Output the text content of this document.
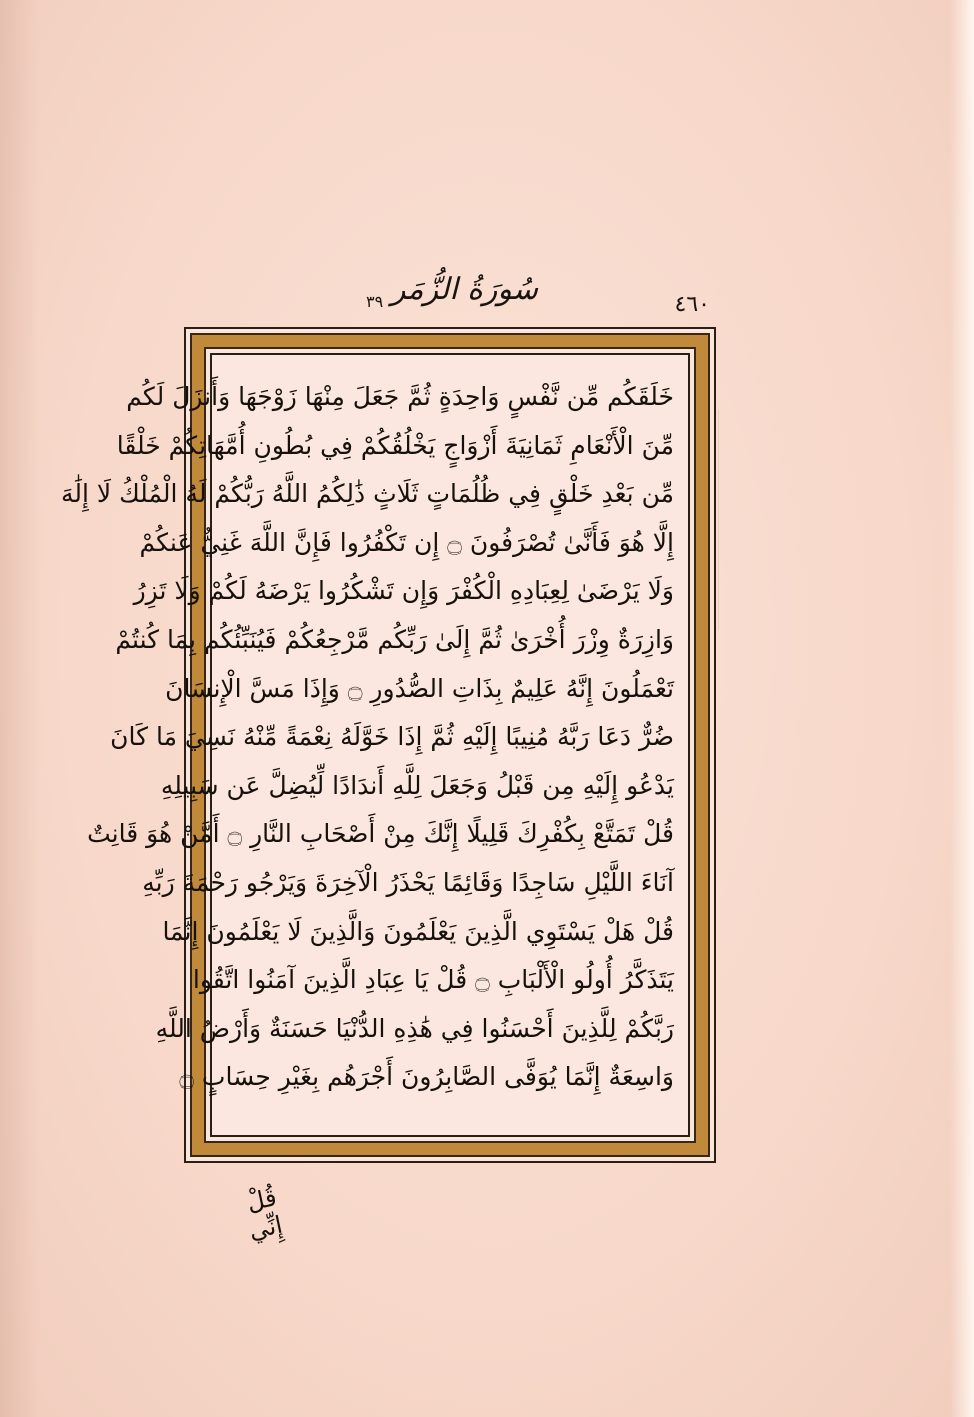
٣٩ سُورَةُ الزُّمَر	٤٦٠
خَلَقَكُم مِّن نَّفْسٍ وَاحِدَةٍ ثُمَّ جَعَلَ مِنْهَا زَوْجَهَا وَأَنزَلَ لَكُم
مِّنَ الْأَنْعَامِ ثَمَانِيَةَ أَزْوَاجٍ يَخْلُقُكُمْ فِي بُطُونِ أُمَّهَاتِكُمْ خَلْقًا
مِّن بَعْدِ خَلْقٍ فِي ظُلُمَاتٍ ثَلَاثٍ ذَٰلِكُمُ اللَّهُ رَبُّكُمْ لَهُ الْمُلْكُ لَا إِلَٰهَ
إِلَّا هُوَ فَأَنَّىٰ تُصْرَفُونَ ۝ إِن تَكْفُرُوا فَإِنَّ اللَّهَ غَنِيٌّ عَنكُمْ
وَلَا يَرْضَىٰ لِعِبَادِهِ الْكُفْرَ وَإِن تَشْكُرُوا يَرْضَهُ لَكُمْ وَلَا تَزِرُ
وَازِرَةٌ وِزْرَ أُخْرَىٰ ثُمَّ إِلَىٰ رَبِّكُم مَّرْجِعُكُمْ فَيُنَبِّئُكُم بِمَا كُنتُمْ
تَعْمَلُونَ إِنَّهُ عَلِيمٌ بِذَاتِ الصُّدُورِ ۝ وَإِذَا مَسَّ الْإِنسَانَ
ضُرٌّ دَعَا رَبَّهُ مُنِيبًا إِلَيْهِ ثُمَّ إِذَا خَوَّلَهُ نِعْمَةً مِّنْهُ نَسِيَ مَا كَانَ
يَدْعُو إِلَيْهِ مِن قَبْلُ وَجَعَلَ لِلَّهِ أَندَادًا لِّيُضِلَّ عَن سَبِيلِهِ
قُلْ تَمَتَّعْ بِكُفْرِكَ قَلِيلًا إِنَّكَ مِنْ أَصْحَابِ النَّارِ ۝ أَمَّنْ هُوَ قَانِتٌ
آنَاءَ اللَّيْلِ سَاجِدًا وَقَائِمًا يَحْذَرُ الْآخِرَةَ وَيَرْجُو رَحْمَةَ رَبِّهِ
قُلْ هَلْ يَسْتَوِي الَّذِينَ يَعْلَمُونَ وَالَّذِينَ لَا يَعْلَمُونَ إِنَّمَا
يَتَذَكَّرُ أُولُو الْأَلْبَابِ ۝ قُلْ يَا عِبَادِ الَّذِينَ آمَنُوا اتَّقُوا
رَبَّكُمْ لِلَّذِينَ أَحْسَنُوا فِي هَٰذِهِ الدُّنْيَا حَسَنَةٌ وَأَرْضُ اللَّهِ
وَاسِعَةٌ إِنَّمَا يُوَفَّى الصَّابِرُونَ أَجْرَهُم بِغَيْرِ حِسَابٍ ۝
قُلْ إِنِّي
